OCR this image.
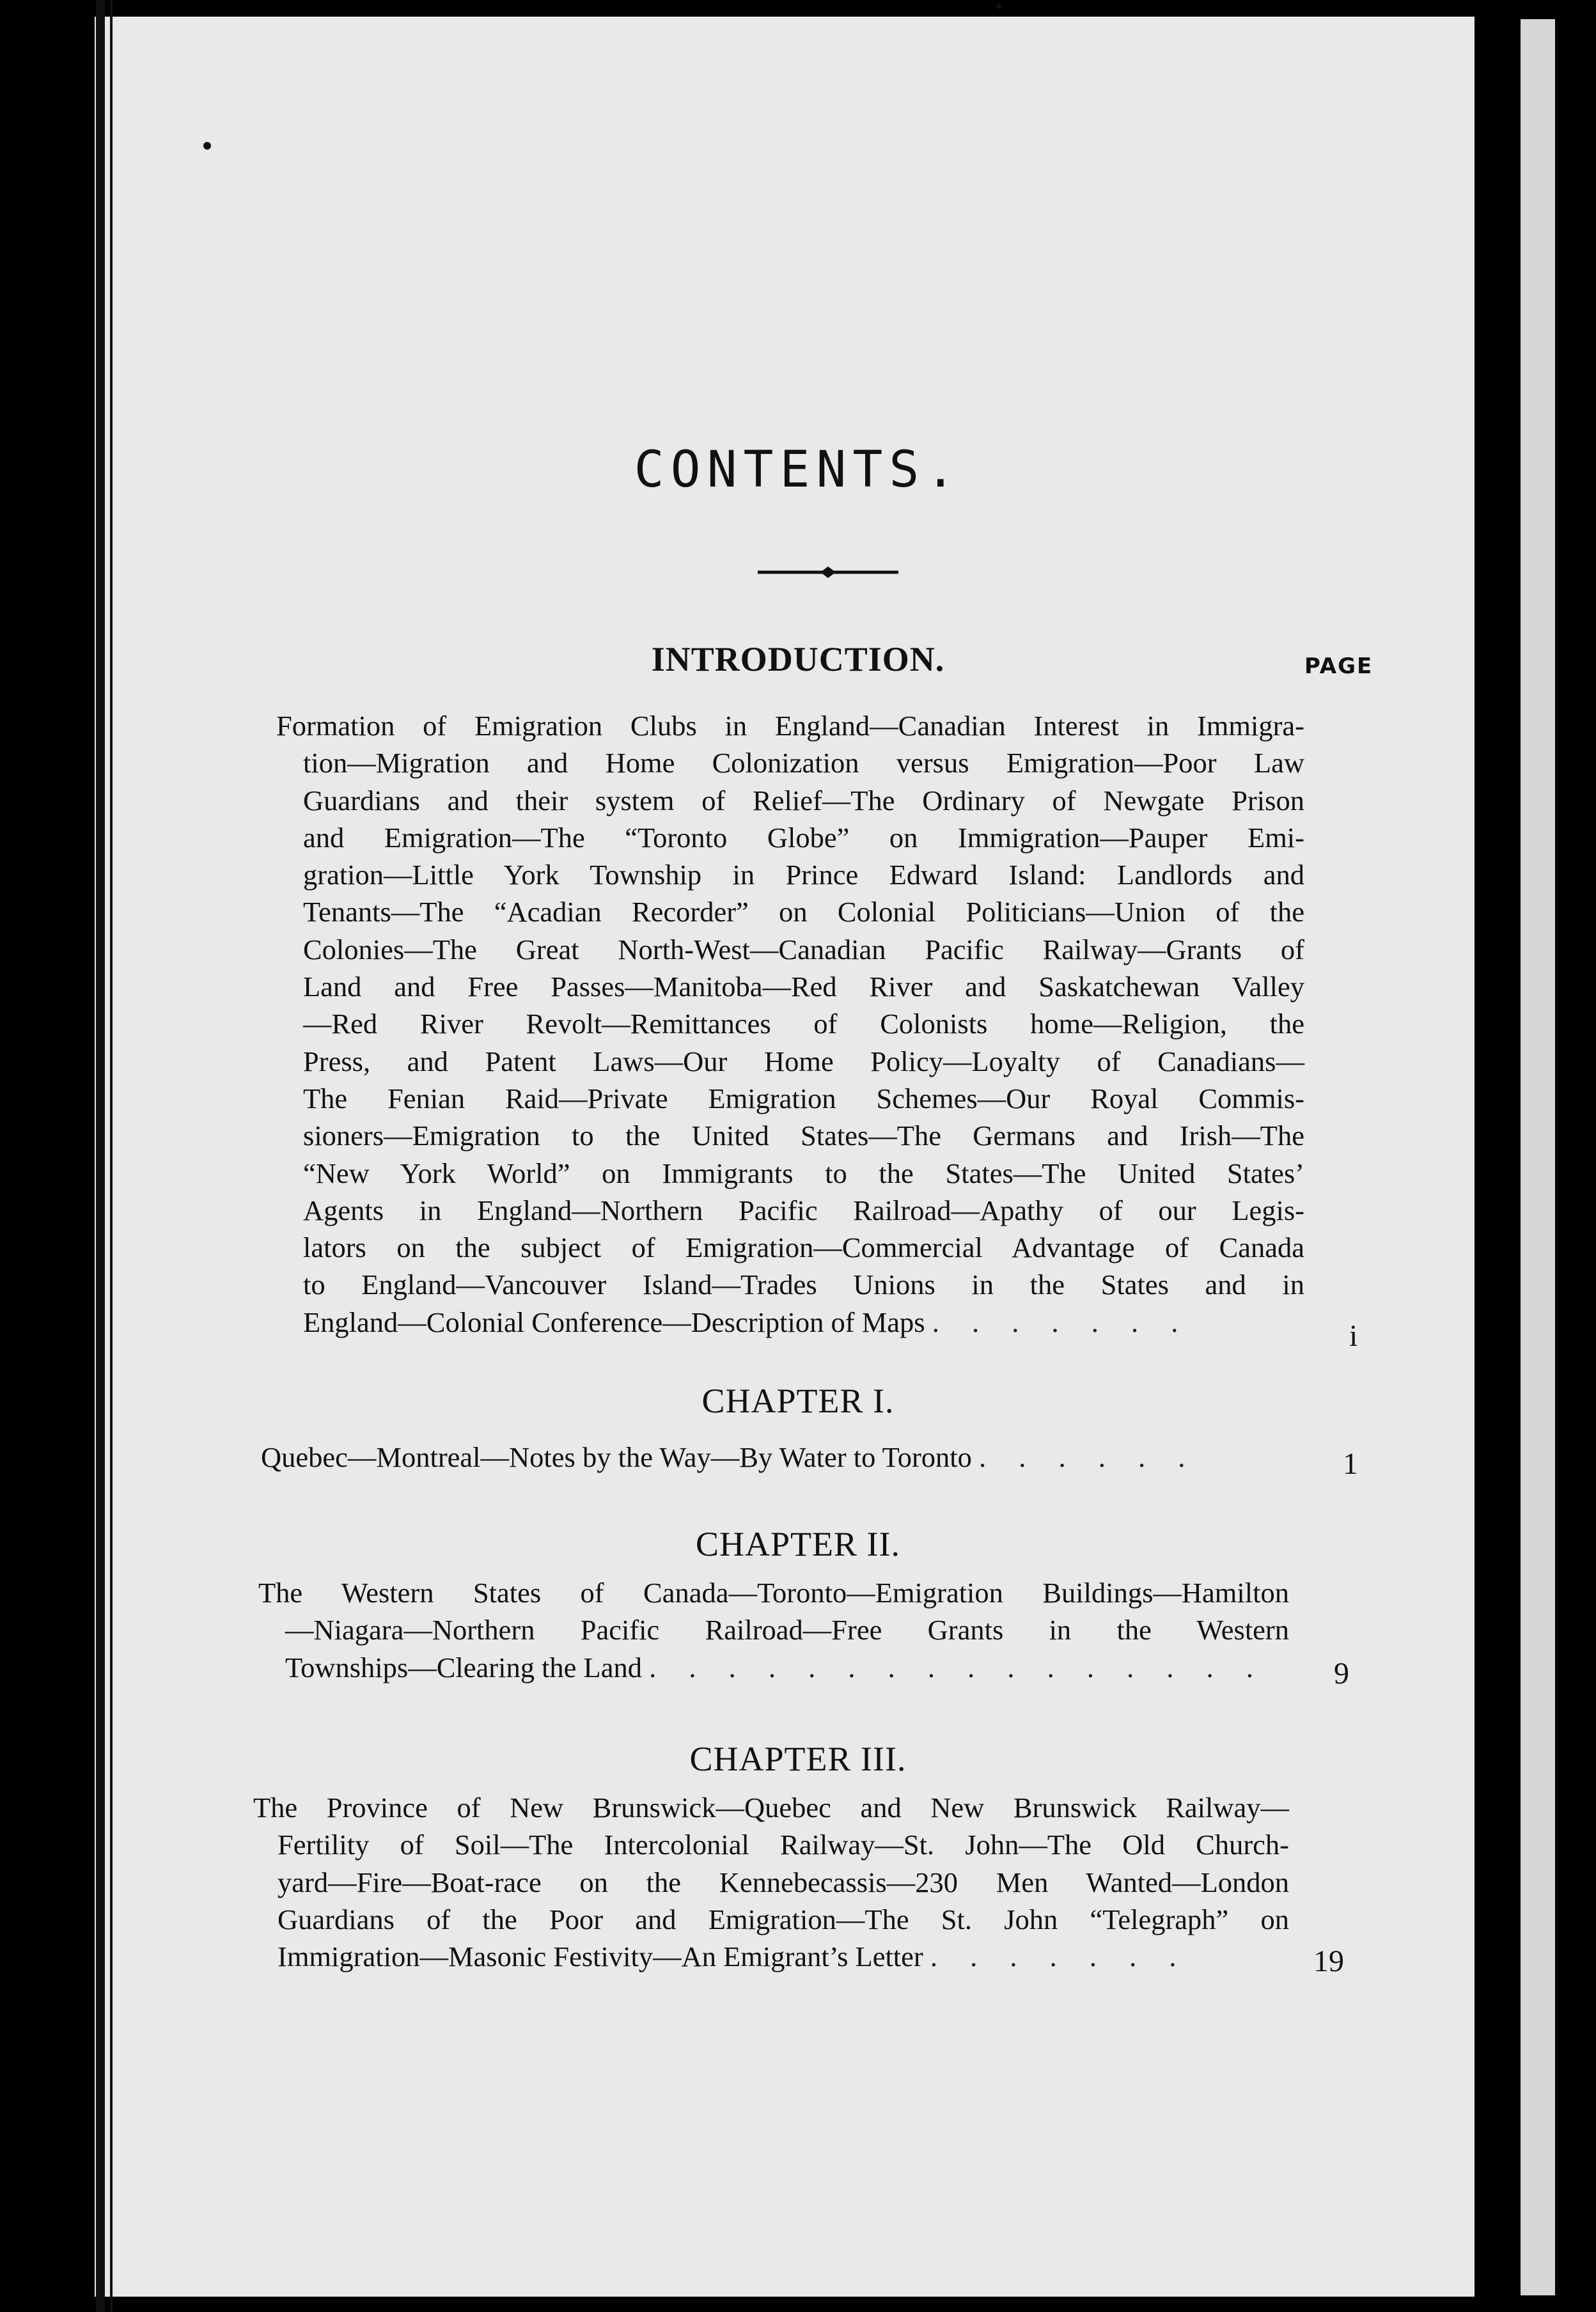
CONTENTS.
PAGE
INTRODUCTION.
Formation of Emigration Clubs in England—Canadian Interest in Immigra-
tion—Migration and Home Colonization versus Emigration—Poor Law
Guardians and their system of Relief—The Ordinary of Newgate Prison
and Emigration—The “Toronto Globe” on Immigration—Pauper Emi-
gration—Little York Township in Prince Edward Island: Landlords and
Tenants—The “Acadian Recorder” on Colonial Politicians—Union of the
Colonies—The Great North-West—Canadian Pacific Railway—Grants of
Land and Free Passes—Manitoba—Red River and Saskatchewan Valley
—Red River Revolt—Remittances of Colonists home—Religion, the
Press, and Patent Laws—Our Home Policy—Loyalty of Canadians—
The Fenian Raid—Private Emigration Schemes—Our Royal Commis-
sioners—Emigration to the United States—The Germans and Irish—The
“New York World” on Immigrants to the States—The United States’
Agents in England—Northern Pacific Railroad—Apathy of our Legis-
lators on the subject of Emigration—Commercial Advantage of Canada
to England—Vancouver Island—Trades Unions in the States and in
England—Colonial Conference—Description of Maps . . . . . . .	i
CHAPTER I.
Quebec—Montreal—Notes by the Way—By Water to Toronto . . . . . .	1
CHAPTER II.
The Western States of Canada—Toronto—Emigration Buildings—Hamilton
—Niagara—Northern Pacific Railroad—Free Grants in the Western
Townships—Clearing the Land . . . . . . . . . . . . . . . .	9
CHAPTER III.
The Province of New Brunswick—Quebec and New Brunswick Railway—
Fertility of Soil—The Intercolonial Railway—St. John—The Old Church-
yard—Fire—Boat-race on the Kennebecassis—230 Men Wanted—London
Guardians of the Poor and Emigration—The St. John “Telegraph” on
Immigration—Masonic Festivity—An Emigrant’s Letter . . . . . . .	19
